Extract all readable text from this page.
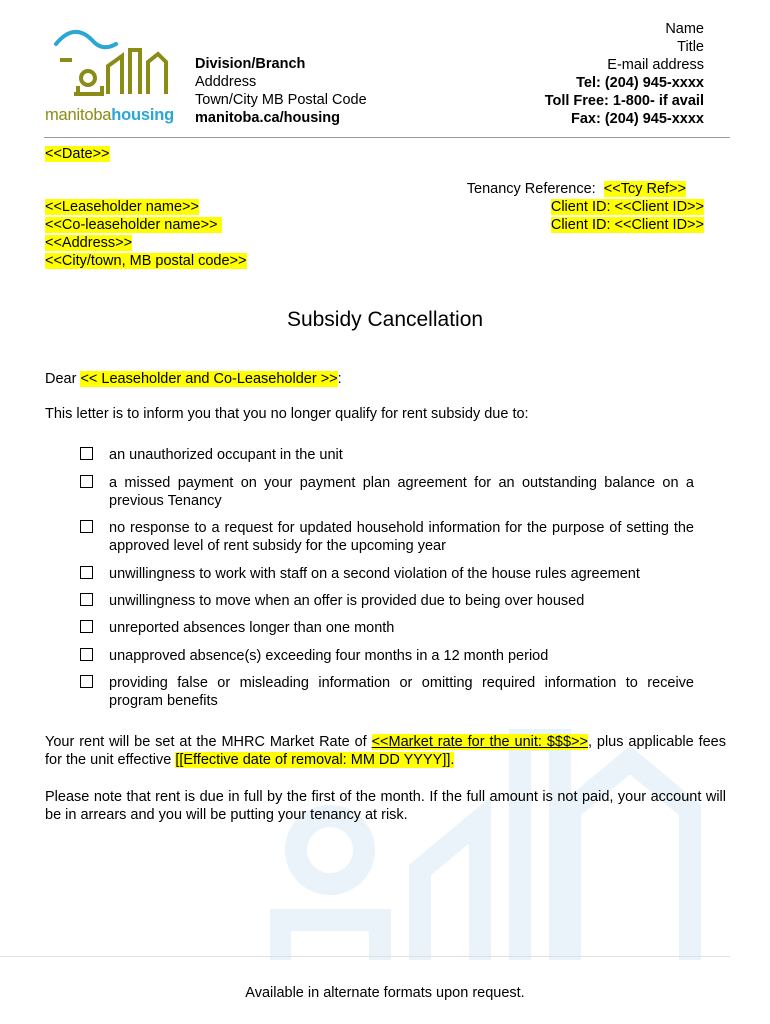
manitobahousing
Division/Branch
Adddress
Town/City MB Postal Code
manitoba.ca/housing
Name
Title
E-mail address
Tel: (204) 945-xxxx
Toll Free: 1-800- if avail
Fax: (204) 945-xxxx
<<Date>>
<<Leaseholder name>>
<<Co-leaseholder name>>
<<Address>>
<<City/town, MB postal code>>
Tenancy Reference:  <<Tcy Ref>>
Client ID: <<Client ID>>
Client ID: <<Client ID>>
Subsidy Cancellation
Dear << Leaseholder and Co-Leaseholder >>:
This letter is to inform you that you no longer qualify for rent subsidy due to:
an unauthorized occupant in the unit
a missed payment on your payment plan agreement for an outstanding balance on a previous Tenancy
no response to a request for updated household information for the purpose of setting the approved level of rent subsidy for the upcoming year
unwillingness to work with staff on a second violation of the house rules agreement
unwillingness to move when an offer is provided due to being over housed
unreported absences longer than one month
unapproved absence(s) exceeding four months in a 12 month period
providing false or misleading information or omitting required information to receive program benefits
Your rent will be set at the MHRC Market Rate of <<Market rate for the unit: $$$>>, plus applicable fees for the unit effective [[Effective date of removal: MM DD YYYY]].
Please note that rent is due in full by the first of the month. If the full amount is not paid, your account will be in arrears and you will be putting your tenancy at risk.
Available in alternate formats upon request.
